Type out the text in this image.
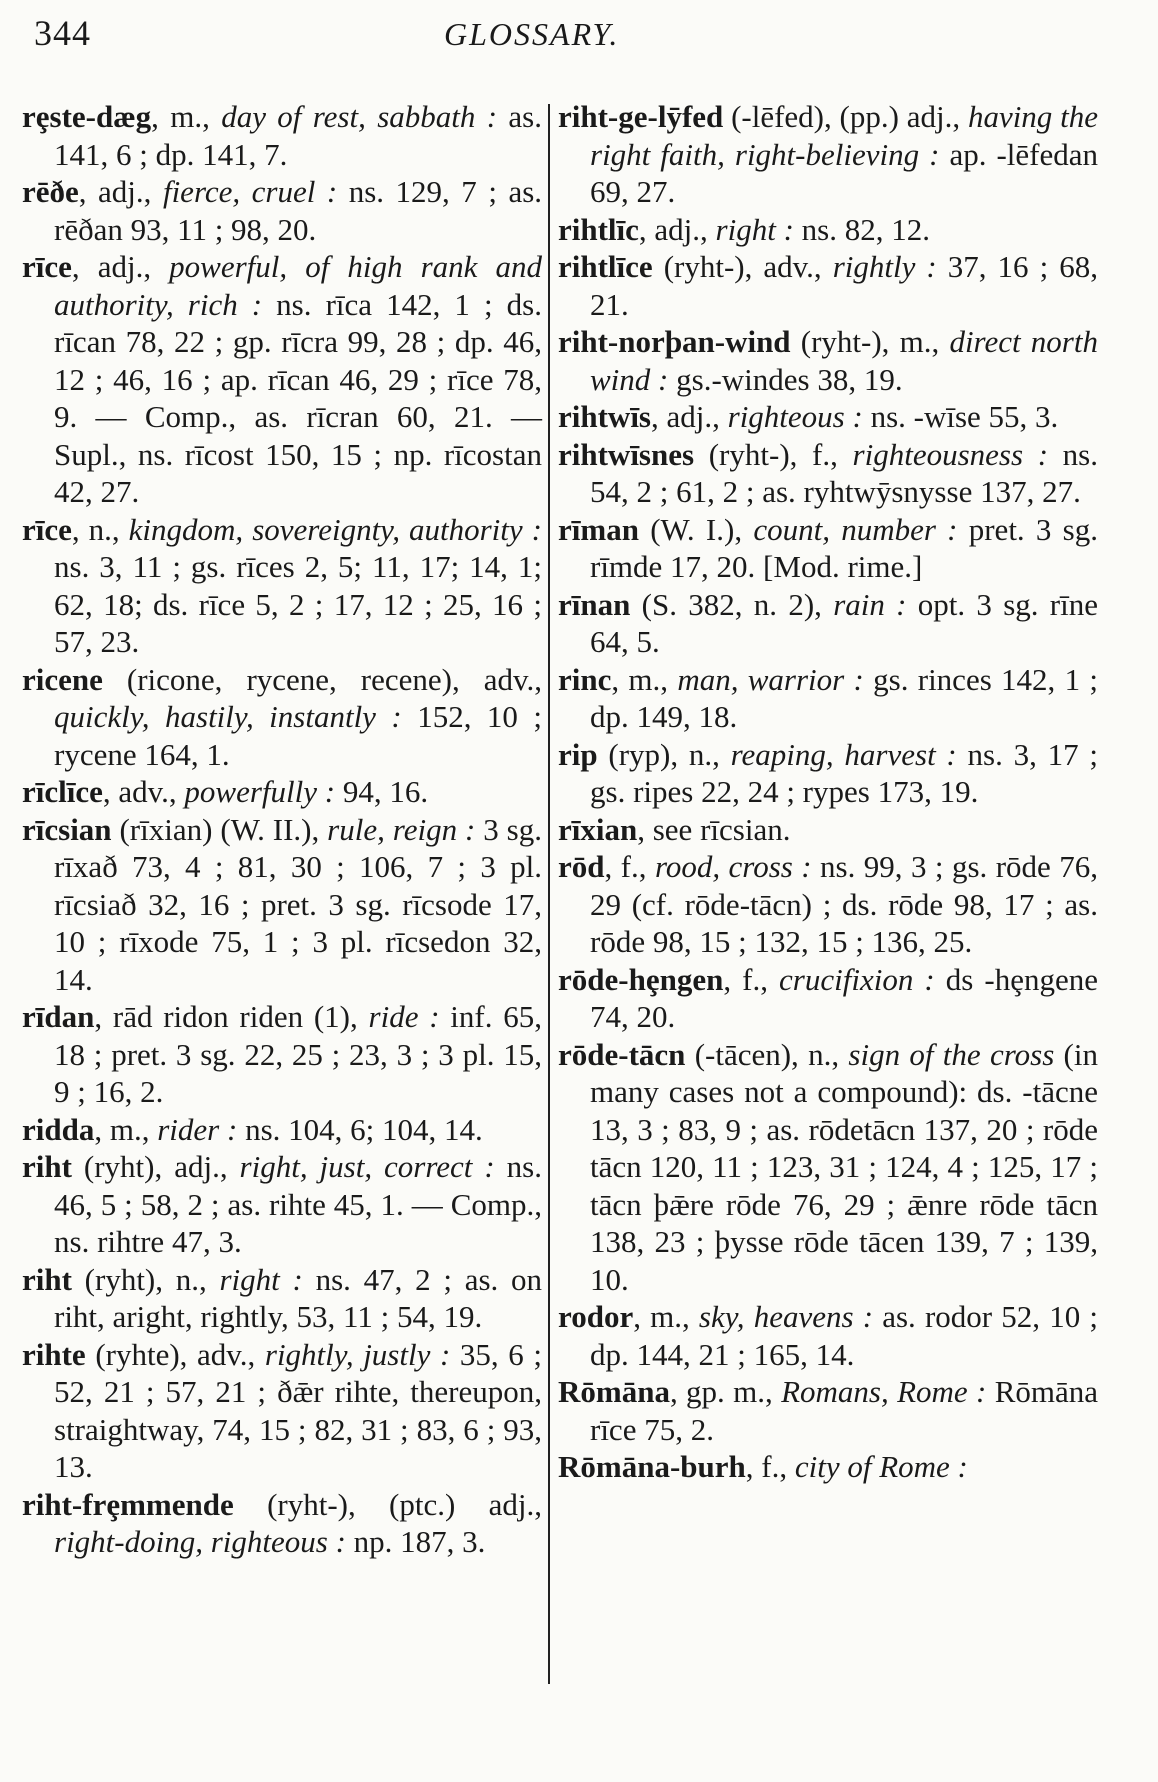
344	GLOSSARY.

rȩste-dæg, m., day of rest, sabbath : as. 141, 6 ; dp. 141, 7.

rēðe, adj., fierce, cruel : ns. 129, 7 ; as. rēðan 93, 11 ; 98, 20.

rīce, adj., powerful, of high rank and authority, rich : ns. rīca 142, 1 ; ds. rīcan 78, 22 ; gp. rīcra 99, 28 ; dp. 46, 12 ; 46, 16 ; ap. rīcan 46, 29 ; rīce 78, 9. — Comp., as. rīcran 60, 21. — Supl., ns. rīcost 150, 15 ; np. rīcostan 42, 27.

rīce, n., kingdom, sovereignty, authority : ns. 3, 11 ; gs. rīces 2, 5; 11, 17; 14, 1; 62, 18; ds. rīce 5, 2 ; 17, 12 ; 25, 16 ; 57, 23.

ricene (ricone, rycene, recene), adv., quickly, hastily, instantly : 152, 10 ; rycene 164, 1.

rīclīce, adv., powerfully : 94, 16.

rīcsian (rīxian) (W. II.), rule, reign : 3 sg. rīxað 73, 4 ; 81, 30 ; 106, 7 ; 3 pl. rīcsiað 32, 16 ; pret. 3 sg. rīcsode 17, 10 ; rīxode 75, 1 ; 3 pl. rīcsedon 32, 14.

rīdan, rād ridon riden (1), ride : inf. 65, 18 ; pret. 3 sg. 22, 25 ; 23, 3 ; 3 pl. 15, 9 ; 16, 2.

ridda, m., rider : ns. 104, 6; 104, 14.

riht (ryht), adj., right, just, correct : ns. 46, 5 ; 58, 2 ; as. rihte 45, 1. — Comp., ns. rihtre 47, 3.

riht (ryht), n., right : ns. 47, 2 ; as. on riht, aright, rightly, 53, 11 ; 54, 19.

rihte (ryhte), adv., rightly, justly : 35, 6 ; 52, 21 ; 57, 21 ; ðǣr rihte, thereupon, straightway, 74, 15 ; 82, 31 ; 83, 6 ; 93, 13.

riht-frȩmmende (ryht-), (ptc.) adj., right-doing, righteous : np. 187, 3.

riht-ge-lӯfed (-lēfed), (pp.) adj., having the right faith, right-believing : ap. -lēfedan 69, 27.

rihtlīc, adj., right : ns. 82, 12.

rihtlīce (ryht-), adv., rightly : 37, 16 ; 68, 21.

riht-norþan-wind (ryht-), m., direct north wind : gs.-windes 38, 19.

rihtwīs, adj., righteous : ns. -wīse 55, 3.

rihtwīsnes (ryht-), f., righteousness : ns. 54, 2 ; 61, 2 ; as. ryhtwӯsnysse 137, 27.

rīman (W. I.), count, number : pret. 3 sg. rīmde 17, 20. [Mod. rime.]

rīnan (S. 382, n. 2), rain : opt. 3 sg. rīne 64, 5.

rinc, m., man, warrior : gs. rinces 142, 1 ; dp. 149, 18.

rip (ryp), n., reaping, harvest : ns. 3, 17 ; gs. ripes 22, 24 ; rypes 173, 19.

rīxian, see rīcsian.

rōd, f., rood, cross : ns. 99, 3 ; gs. rōde 76, 29 (cf. rōde-tācn) ; ds. rōde 98, 17 ; as. rōde 98, 15 ; 132, 15 ; 136, 25.

rōde-hȩngen, f., crucifixion : ds -hȩngene 74, 20.

rōde-tācn (-tācen), n., sign of the cross (in many cases not a compound): ds. -tācne 13, 3 ; 83, 9 ; as. rōdetācn 137, 20 ; rōde tācn 120, 11 ; 123, 31 ; 124, 4 ; 125, 17 ; tācn þǣre rōde 76, 29 ; ǣnre rōde tācn 138, 23 ; þysse rōde tācen 139, 7 ; 139, 10.

rodor, m., sky, heavens : as. rodor 52, 10 ; dp. 144, 21 ; 165, 14.

Rōmāna, gp. m., Romans, Rome : Rōmāna rīce 75, 2.

Rōmāna-burh, f., city of Rome :
